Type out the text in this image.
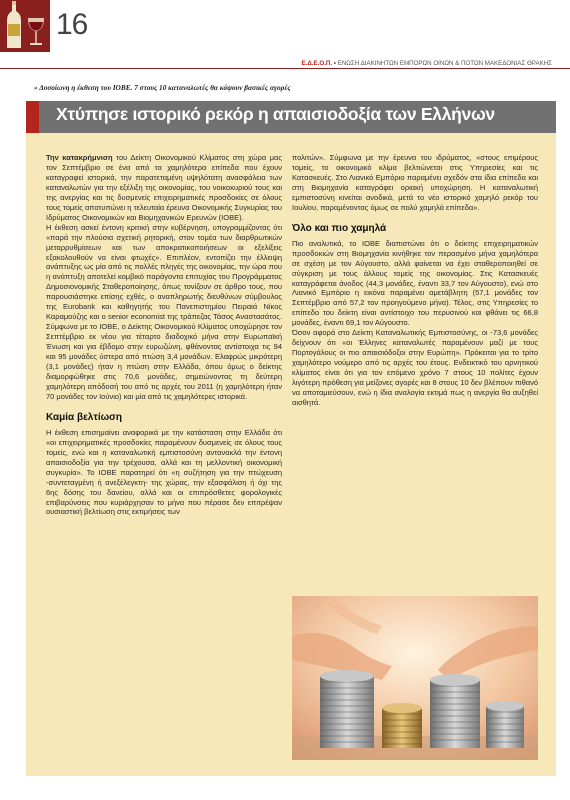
16
Ε.Δ.Ε.Ο.Π. • ΕΝΩΣΗ ΔΙΑΚΙΝΗΤΩΝ ΕΜΠΟΡΩΝ ΟΙΝΩΝ & ΠΟΤΩΝ ΜΑΚΕΔΟΝΙΑΣ ΘΡΑΚΗΣ
» Δυσοίωνη η έκθεση του ΙΟΒΕ. 7 στους 10 καταναλωτές θα κόψουν βασικές αγορές
Χτύπησε ιστορικό ρεκόρ η απαισιοδοξία των Ελλήνων

Την κατακρήμνιση του Δείκτη Οικονομικού Κλίματος στη χώρα μας τον Σεπτέμβριο σε ένα από τα χαμηλότερα επίπεδα που έχουν καταγραφεί ιστορικά, την παρατεταμένη υψηλότατη ανασφάλεια των καταναλωτών για την εξέλιξη της οικονομίας, του νοικοκυριού τους και της ανεργίας και τις δυσμενείς επιχειρηματικές προσδοκίες σε όλους τους τομείς αποτυπώνει η τελευταία έρευνα Οικονομικής Συγκυρίας του Ιδρύματος Οικονομικών και Βιομηχανικών Ερευνών (ΙΟΒΕ).

Η έκθεση ασκεί έντονη κριτική στην κυβέρνηση, υπογραμμίζοντας ότι «παρά την πλούσια σχετική ρητορική, στον τομέα των διαρθρωτικών μεταρρυθμίσεων και των αποκρατικοποιήσεων οι εξελίξεις εξακολουθούν να είναι φτωχές». Επιπλέον, εντοπίζει την έλλειψη ανάπτυξης ως μία από τις πολλές πληγές της οικονομίας, την ώρα που η ανάπτυξη αποτελεί κομβικό παράγοντα επιτυχίας του Προγράμματος Δημοσιονομικής Σταθεροποίησης, όπως τονίζουν σε άρθρο τους, που παρουσιάστηκε επίσης εχθές, ο αναπληρωτής διευθύνων σύμβουλος της Eurobank και καθηγητής του Πανεπιστημίου Πειραιά Νίκος Καραμούζης και ο senior economist της τράπεζας Τάσος Αναστασάτος. Σύμφωνα με το ΙΟΒΕ, ο Δείκτης Οικονομικού Κλίματος υποχώρησε τον Σεπτέμβριο εκ νέου για τέταρτο διαδοχικό μήνα στην Ευρωπαϊκή Ένωση και για έβδομο στην ευρωζώνη, φθάνοντας αντίστοιχα τις 94 και 95 μονάδες ύστερα από πτώση 3,4 μονάδων. Ελαφρώς μικρότερη (3,1 μονάδες) ήταν η πτώση στην Ελλάδα, όπου όμως ο δείκτης διαμορφώθηκε στις 70,6 μονάδες, σημειώνοντας τη δεύτερη χαμηλότερη απόδοσή του από τις αρχές του 2011 (η χαμηλότερη ήταν 70 μονάδες τον Ιούνιο) και μία από τις χαμηλότερες ιστορικά.

Καμία βελτίωση

Η έκθεση επισημαίνει αναφορικά με την κατάσταση στην Ελλάδα ότι «οι επιχειρηματικές προσδοκίες παραμένουν δυσμενείς σε όλους τους τομείς, ενώ και η καταναλωτική εμπιστοσύνη αντανακλά την έντονη απαισιοδοξία για την τρέχουσα, αλλά και τη μελλοντική οικονομική συγκυρία». Το ΙΟΒΕ παρατηρεί ότι «η συζήτηση για την πτώχευση -συντεταγμένη ή ανεξέλεγκτη- της χώρας, την εξασφάλιση ή όχι της 6ης δόσης του δανείου, αλλά και οι επιπρόσθετες φορολογικές επιβαρύνσεις που κυριάρχησαν το μήνα που πέρασε δεν επιτρέψαν ουσιαστική βελτίωση στις εκτιμήσεις των

πολιτών». Σύμφωνα με την έρευνα του ιδρύματος, «στους επιμέρους τομείς, το οικονομικό κλίμα βελτιώνεται στις Υπηρεσίες και τις Κατασκευές. Στο Λιανικό Εμπόριο παραμένει σχεδόν στα ίδια επίπεδα και στη Βιομηχανία καταγράφει οριακή υποχώρηση. Η καταναλωτική εμπιστοσύνη κινείται ανοδικά, μετά το νέο ιστορικό χαμηλό ρεκόρ του Ιουλίου, παραμένοντας όμως σε πολύ χαμηλά επίπεδα».

Όλο και πιο χαμηλά

Πιο αναλυτικά, το ΙΟΒΕ διαπιστώνει ότι ο δείκτης επιχειρηματικών προσδοκιών στη Βιομηχανία κινήθηκε τον περασμένο μήνα χαμηλότερα σε σχέση με τον Αύγουστο, αλλά φαίνεται να έχει σταθεροποιηθεί σε σύγκριση με τους άλλους τομείς της οικονομίας. Στις Κατασκευές καταγράφεται άνοδος (44,3 μονάδες, έναντι 33,7 τον Αύγουστο), ενώ στο Λιανικό Εμπόριο η εικόνα παραμένει αμετάβλητη (57,1 μονάδες τον Σεπτέμβριο από 57,2 τον προηγούμενο μήνα). Τέλος, στις Υπηρεσίες το επίπεδο του δείκτη είναι αντίστοιχο του περυσινού και φθάνει τις 66,8 μονάδες, έναντι 69,1 τον Αύγουστο.

Όσον αφορά στο Δείκτη Καταναλωτικής Εμπιστοσύνης, οι -73,6 μονάδες δείχνουν ότι «οι Έλληνες καταναλωτές παραμένουν μαζί με τους Πορτογάλους οι πιο απαισιόδοξοι στην Ευρώπη». Πρόκειται για το τρίτο χαμηλότερο νούμερο από τις αρχές του έτους. Ενδεικτικό του αρνητικού κλίματος είναι ότι για τον επόμενο χρόνο 7 στους 10 πολίτες έχουν λιγότερη πρόθεση για μείζονες αγορές και 8 στους 10 δεν βλέπουν πιθανό να αποταμιεύσουν, ενώ η ίδια αναλογία εκτιμά πως η ανεργία θα αυξηθεί αισθητά.
